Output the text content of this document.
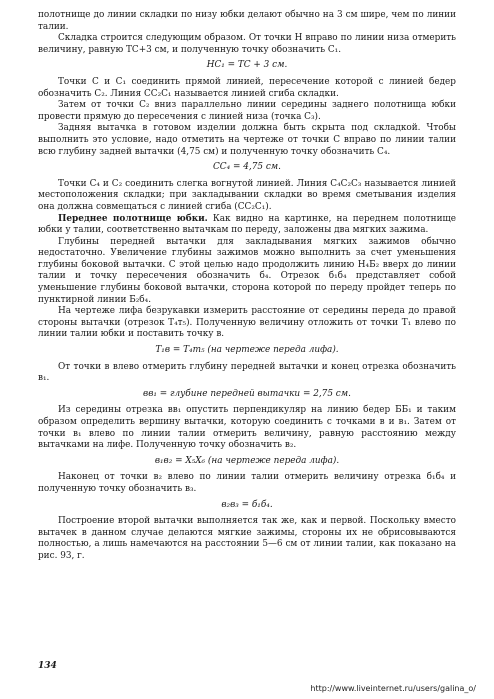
полотнище до линии складки по низу юбки делают обычно на 3 см шире, чем по линии талии.

Складка строится следующим образом. От точки H вправо по линии низа отмерить величину, равную TC+3 см, и полученную точку обозначить C₁.

HC₁ = TC + 3 см.

Точки C и C₁ соединить прямой линией, пересечение которой с линией бедер обозначить C₂. Линия CC₂C₁ называется линией сгиба складки.

Затем от точки C₂ вниз параллельно линии середины заднего полотнища юбки провести прямую до пересечения с линией низа (точка C₃).

Задняя вытачка в готовом изделии должна быть скрыта под складкой. Чтобы выполнить это условие, надо отметить на чертеже от точки C вправо по линии талии всю глубину задней вытачки (4,75 см) и полученную точку обозначить C₄.

CC₄ = 4,75 см.

Точки C₄ и C₂ соединить слегка вогнутой линией. Линия C₄C₂C₃ называется линией местоположения складки; при закладывании складки во время сметывания изделия она должна совмещаться с линией сгиба (CC₂C₁).

Переднее полотнище юбки. Как видно на картинке, на переднем полотнище юбки у талии, соответственно вытачкам по переду, заложены два мягких зажима.

Глубины передней вытачки для закладывания мягких зажимов обычно недостаточно. Увеличение глубины зажимов можно выполнить за счет уменьшения глубины боковой вытачки. С этой целью надо продолжить линию Н₄Б₂ вверх до линии талии и точку пересечения обозначить б₄. Отрезок б₁б₄ представляет собой уменьшение глубины боковой вытачки, сторона которой по переду пройдет теперь по пунктирной линии Б₂б₄.

На чертеже лифа безрукавки измерить расстояние от середины переда до правой стороны вытачки (отрезок Т₄т₅). Полученную величину отложить от точки Т₁ влево по линии талии юбки и поставить точку в.

Т₁в = Т₄т₅ (на чертеже переда лифа).

От точки в влево отмерить глубину передней вытачки и конец отрезка обозначить в₁.

вв₁ = глубине передней вытачки = 2,75 см.

Из середины отрезка вв₁ опустить перпендикуляр на линию бедер ББ₁ и таким образом определить вершину вытачки, которую соединить с точками в и в₁. Затем от точки в₁ влево по линии талии отмерить величину, равную расстоянию между вытачками на лифе. Полученную точку обозначить в₂.

в₁в₂ = Х₅Х₆ (на чертеже переда лифа).

Наконец от точки в₂ влево по линии талии отмерить величину отрезка б₁б₄ и полученную точку обозначить в₃.

в₂в₃ = б₁б₄.

Построение второй вытачки выполняется так же, как и первой. Поскольку вместо вытачек в данном случае делаются мягкие зажимы, стороны их не обрисовываются полностью, а лишь намечаются на расстоянии 5—6 см от линии талии, как показано на рис. 93, г.

134
http://www.liveinternet.ru/users/galina_o/
